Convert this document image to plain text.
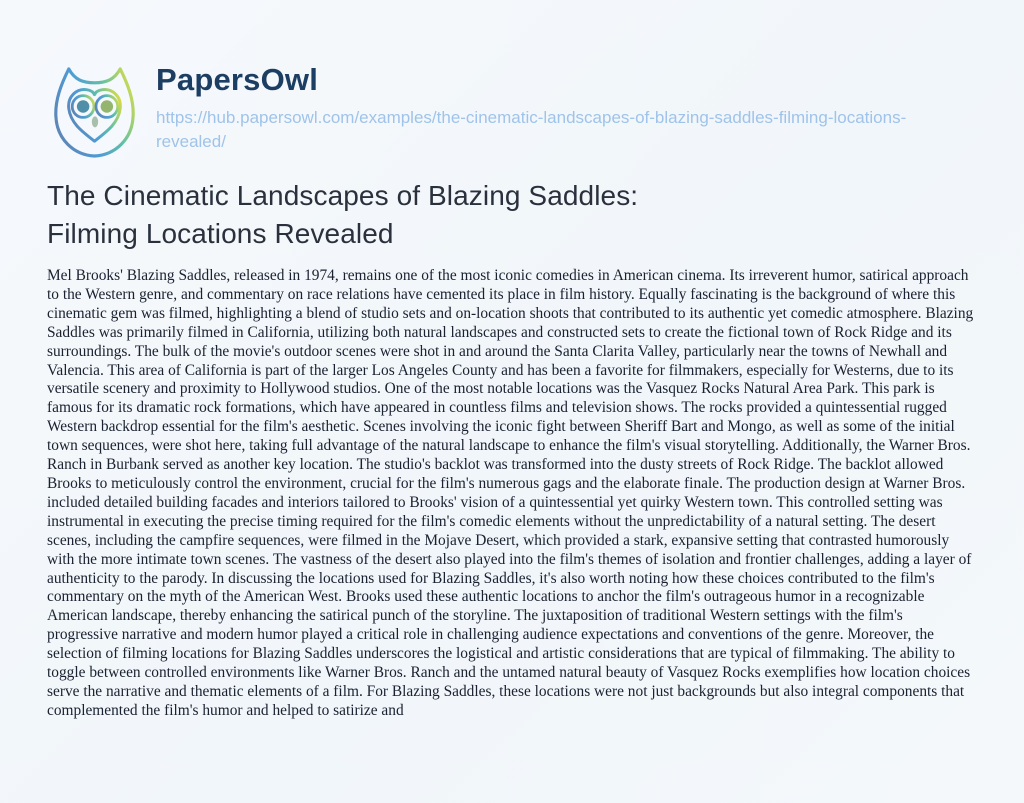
PapersOwl
https://hub.papersowl.com/examples/the-cinematic-landscapes-of-blazing-saddles-filming-locations-revealed/
The Cinematic Landscapes of Blazing Saddles:
Filming Locations Revealed

Mel Brooks' Blazing Saddles, released in 1974, remains one of the most iconic comedies in American cinema. Its irreverent humor, satirical approach to the Western genre, and commentary on race relations have cemented its place in film history. Equally fascinating is the background of where this cinematic gem was filmed, highlighting a blend of studio sets and on-location shoots that contributed to its authentic yet comedic atmosphere. Blazing Saddles was primarily filmed in California, utilizing both natural landscapes and constructed sets to create the fictional town of Rock Ridge and its surroundings. The bulk of the movie's outdoor scenes were shot in and around the Santa Clarita Valley, particularly near the towns of Newhall and Valencia. This area of California is part of the larger Los Angeles County and has been a favorite for filmmakers, especially for Westerns, due to its versatile scenery and proximity to Hollywood studios. One of the most notable locations was the Vasquez Rocks Natural Area Park. This park is famous for its dramatic rock formations, which have appeared in countless films and television shows. The rocks provided a quintessential rugged Western backdrop essential for the film's aesthetic. Scenes involving the iconic fight between Sheriff Bart and Mongo, as well as some of the initial town sequences, were shot here, taking full advantage of the natural landscape to enhance the film's visual storytelling. Additionally, the Warner Bros. Ranch in Burbank served as another key location. The studio's backlot was transformed into the dusty streets of Rock Ridge. The backlot allowed Brooks to meticulously control the environment, crucial for the film's numerous gags and the elaborate finale. The production design at Warner Bros. included detailed building facades and interiors tailored to Brooks' vision of a quintessential yet quirky Western town. This controlled setting was instrumental in executing the precise timing required for the film's comedic elements without the unpredictability of a natural setting. The desert scenes, including the campfire sequences, were filmed in the Mojave Desert, which provided a stark, expansive setting that contrasted humorously with the more intimate town scenes. The vastness of the desert also played into the film's themes of isolation and frontier challenges, adding a layer of authenticity to the parody. In discussing the locations used for Blazing Saddles, it's also worth noting how these choices contributed to the film's commentary on the myth of the American West. Brooks used these authentic locations to anchor the film's outrageous humor in a recognizable American landscape, thereby enhancing the satirical punch of the storyline. The juxtaposition of traditional Western settings with the film's progressive narrative and modern humor played a critical role in challenging audience expectations and conventions of the genre. Moreover, the selection of filming locations for Blazing Saddles underscores the logistical and artistic considerations that are typical of filmmaking. The ability to toggle between controlled environments like Warner Bros. Ranch and the untamed natural beauty of Vasquez Rocks exemplifies how location choices serve the narrative and thematic elements of a film. For Blazing Saddles, these locations were not just backgrounds but also integral components that complemented the film's humor and helped to satirize and
